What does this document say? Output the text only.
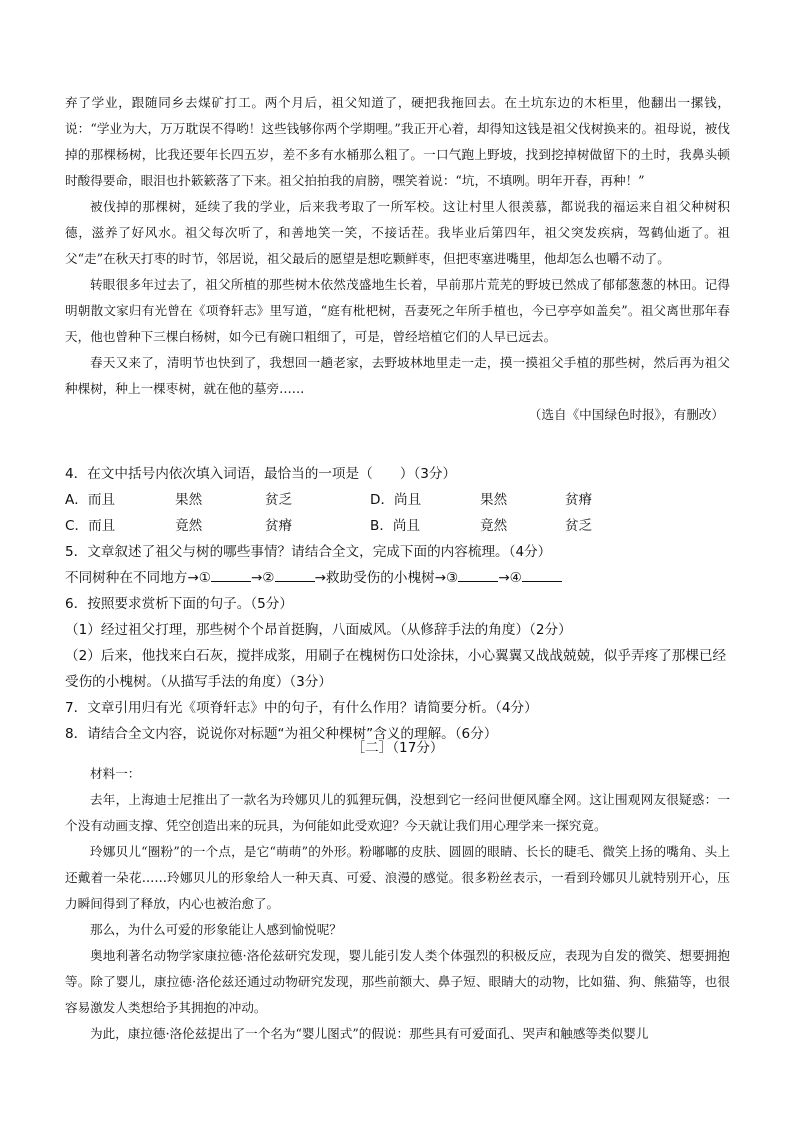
弃了学业，跟随同乡去煤矿打工。两个月后，祖父知道了，硬把我拖回去。在土坑东边的木柜里，他翻出一摞钱，说：“学业为大，万万耽误不得哟！这些钱够你两个学期哩。”我正开心着，却得知这钱是祖父伐树换来的。祖母说，被伐掉的那棵杨树，比我还要年长四五岁，差不多有水桶那么粗了。一口气跑上野坡，找到挖掉树做留下的土时，我鼻头顿时酸得要命，眼泪也扑簌簌落了下来。祖父拍拍我的肩膀，嘿笑着说：“坑，不填咧。明年开春，再种！”

被伐掉的那棵树，延续了我的学业，后来我考取了一所军校。这让村里人很羡慕，都说我的福运来自祖父种树积德，滋养了好风水。祖父每次听了，和善地笑一笑，不接话茬。我毕业后第四年，祖父突发疾病，驾鹤仙逝了。祖父“走”在秋天打枣的时节，邻居说，祖父最后的愿望是想吃颗鲜枣，但把枣塞进嘴里，他却怎么也嚼不动了。

转眼很多年过去了，祖父所植的那些树木依然茂盛地生长着，早前那片荒芜的野坡已然成了郁郁葱葱的林田。记得明朝散文家归有光曾在《项脊轩志》里写道，“庭有枇杷树，吾妻死之年所手植也，今已亭亭如盖矣”。祖父离世那年春天，他也曾种下三棵白杨树，如今已有碗口粗细了，可是，曾经培植它们的人早已远去。

春天又来了，清明节也快到了，我想回一趟老家，去野坡林地里走一走，摸一摸祖父手植的那些树，然后再为祖父种棵树，种上一棵枣树，就在他的墓旁……

（选自《中国绿色时报》，有删改）

4．在文中括号内依次填入词语，最恰当的一项是（　　）（3分）

A．而且	果然	贫乏	D．尚且	果然	贫瘠
C．而且	竟然	贫瘠	B．尚且	竟然	贫乏

5．文章叙述了祖父与树的哪些事情？请结合全文，完成下面的内容梳理。（4分）

不同树种在不同地方→①	→②	→救助受伤的小槐树→③	→④

6．按照要求赏析下面的句子。（5分）

（1）经过祖父打理，那些树个个昂首挺胸，八面威风。（从修辞手法的角度）（2分）

（2）后来，他找来白石灰，搅拌成浆，用刷子在槐树伤口处涂抹，小心翼翼又战战兢兢，似乎弄疼了那棵已经受伤的小槐树。（从描写手法的角度）（3分）

7．文章引用归有光《项脊轩志》中的句子，有什么作用？请简要分析。（4分）

8．请结合全文内容，说说你对标题“为祖父种棵树”含义的理解。（6分）

［二］（17分）

材料一：

去年，上海迪士尼推出了一款名为玲娜贝儿的狐狸玩偶，没想到它一经问世便风靡全网。这让围观网友很疑惑：一个没有动画支撑、凭空创造出来的玩具，为何能如此受欢迎？今天就让我们用心理学来一探究竟。

玲娜贝儿“圈粉”的一个点，是它“萌萌”的外形。粉嘟嘟的皮肤、圆圆的眼睛、长长的睫毛、微笑上扬的嘴角、头上还戴着一朵花……玲娜贝儿的形象给人一种天真、可爱、浪漫的感觉。很多粉丝表示，一看到玲娜贝儿就特别开心，压力瞬间得到了释放，内心也被治愈了。

那么，为什么可爱的形象能让人感到愉悦呢？

奥地利著名动物学家康拉德·洛伦兹研究发现，婴儿能引发人类个体强烈的积极反应，表现为自发的微笑、想要拥抱等。除了婴儿，康拉德·洛伦兹还通过动物研究发现，那些前额大、鼻子短、眼睛大的动物，比如猫、狗、熊猫等，也很容易激发人类想给予其拥抱的冲动。

为此，康拉德·洛伦兹提出了一个名为“婴儿图式”的假说：那些具有可爱面孔、哭声和触感等类似婴儿
